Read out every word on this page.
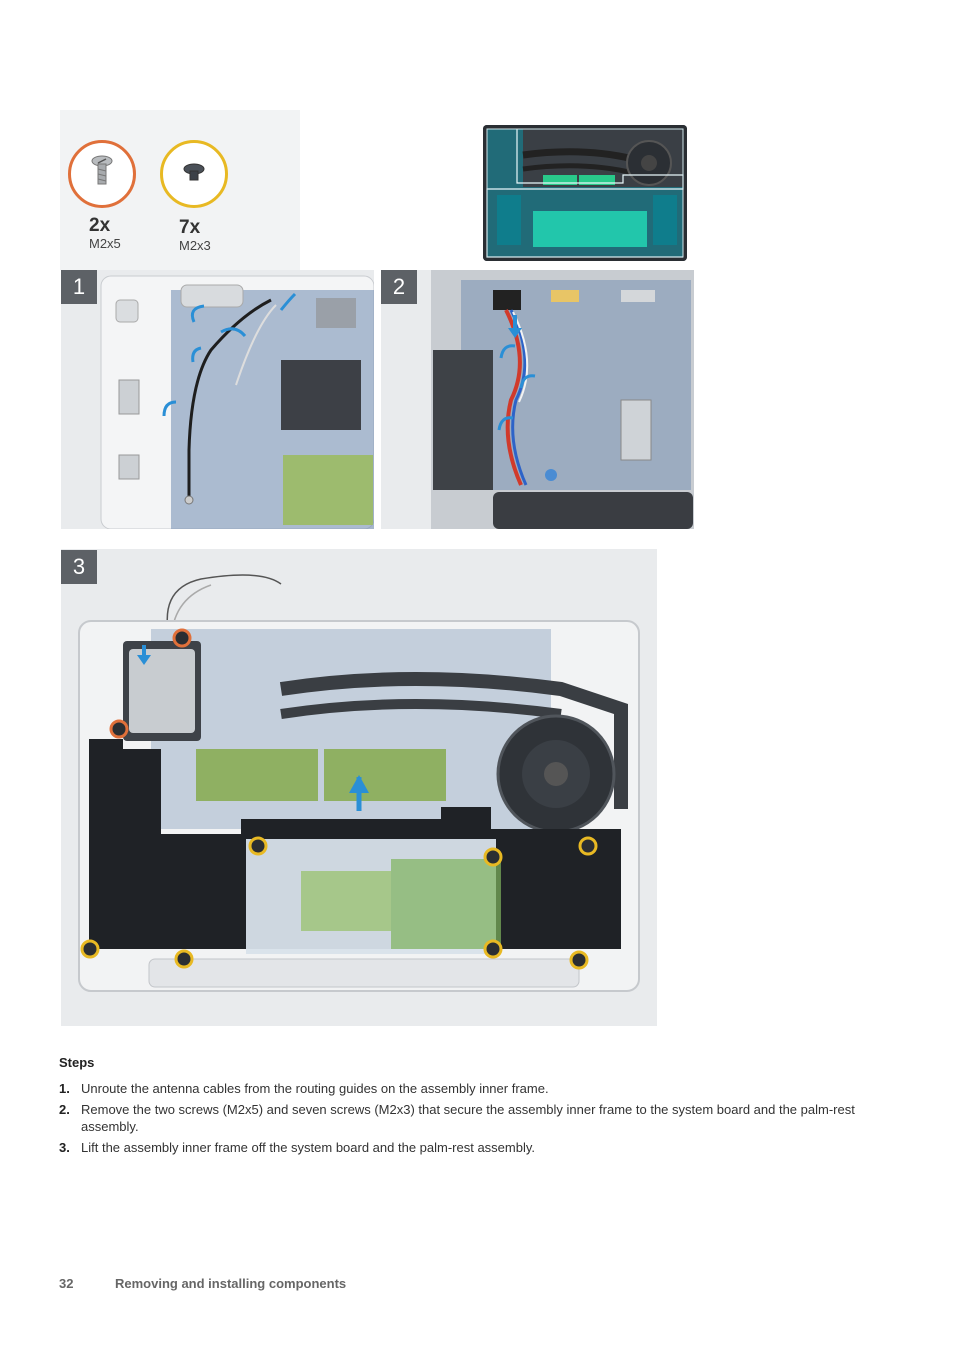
2x
M2x5
7x
M2x3
1	2
3
Steps
1. Unroute the antenna cables from the routing guides on the assembly inner frame.
2. Remove the two screws (M2x5) and seven screws (M2x3) that secure the assembly inner frame to the system board and the palm-rest assembly.
3. Lift the assembly inner frame off the system board and the palm-rest assembly.
32	Removing and installing components
